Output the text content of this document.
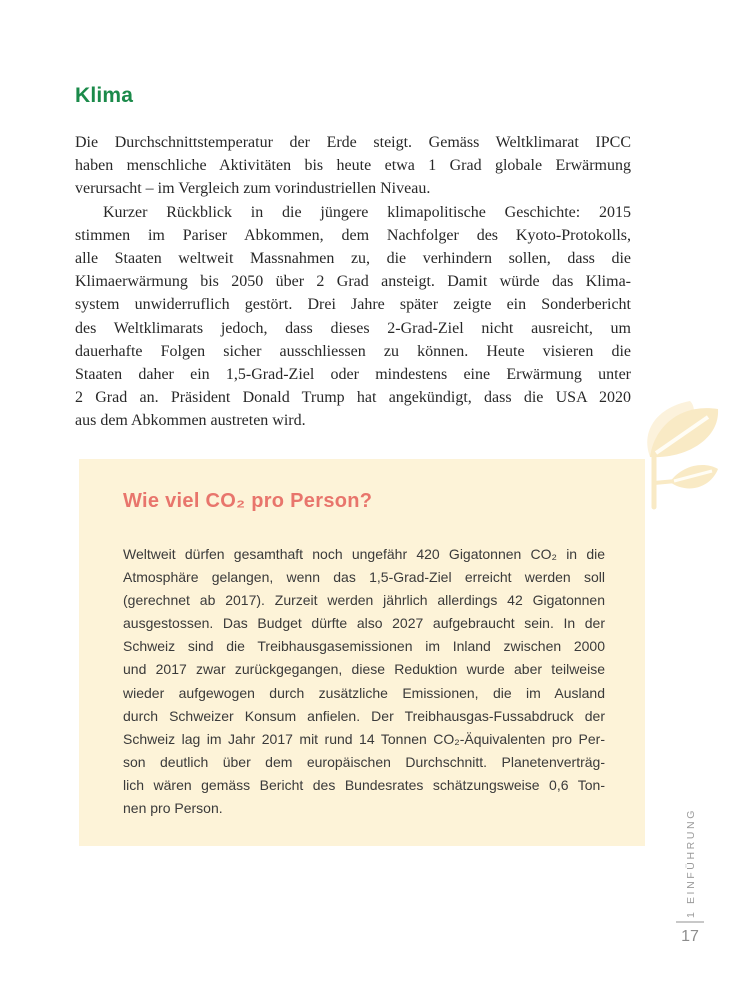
Klima
Die Durchschnittstemperatur der Erde steigt. Gemäss Weltklimarat IPCC
haben menschliche Aktivitäten bis heute etwa 1 Grad globale Erwärmung
verursacht – im Vergleich zum vorindustriellen Niveau.
Kurzer Rückblick in die jüngere klimapolitische Geschichte: 2015
stimmen im Pariser Abkommen, dem Nachfolger des Kyoto-Protokolls,
alle Staaten weltweit Massnahmen zu, die verhindern sollen, dass die
Klimaerwärmung bis 2050 über 2 Grad ansteigt. Damit würde das Klima-
system unwiderruflich gestört. Drei Jahre später zeigte ein Sonderbericht
des Weltklimarats jedoch, dass dieses 2-Grad-Ziel nicht ausreicht, um
dauerhafte Folgen sicher ausschliessen zu können. Heute visieren die
Staaten daher ein 1,5-Grad-Ziel oder mindestens eine Erwärmung unter
2 Grad an. Präsident Donald Trump hat angekündigt, dass die USA 2020
aus dem Abkommen austreten wird.
Wie viel CO₂ pro Person?
Weltweit dürfen gesamthaft noch ungefähr 420 Gigatonnen CO₂ in die
Atmosphäre gelangen, wenn das 1,5-Grad-Ziel erreicht werden soll
(gerechnet ab 2017). Zurzeit werden jährlich allerdings 42 Gigatonnen
ausgestossen. Das Budget dürfte also 2027 aufgebraucht sein. In der
Schweiz sind die Treibhausgasemissionen im Inland zwischen 2000
und 2017 zwar zurückgegangen, diese Reduktion wurde aber teilweise
wieder aufgewogen durch zusätzliche Emissionen, die im Ausland
durch Schweizer Konsum anfielen. Der Treibhausgas-Fussabdruck der
Schweiz lag im Jahr 2017 mit rund 14 Tonnen CO₂-Äquivalenten pro Per-
son deutlich über dem europäischen Durchschnitt. Planetenverträg-
lich wären gemäss Bericht des Bundesrates schätzungsweise 0,6 Ton-
nen pro Person.	1 EINFÜHRUNG
17
